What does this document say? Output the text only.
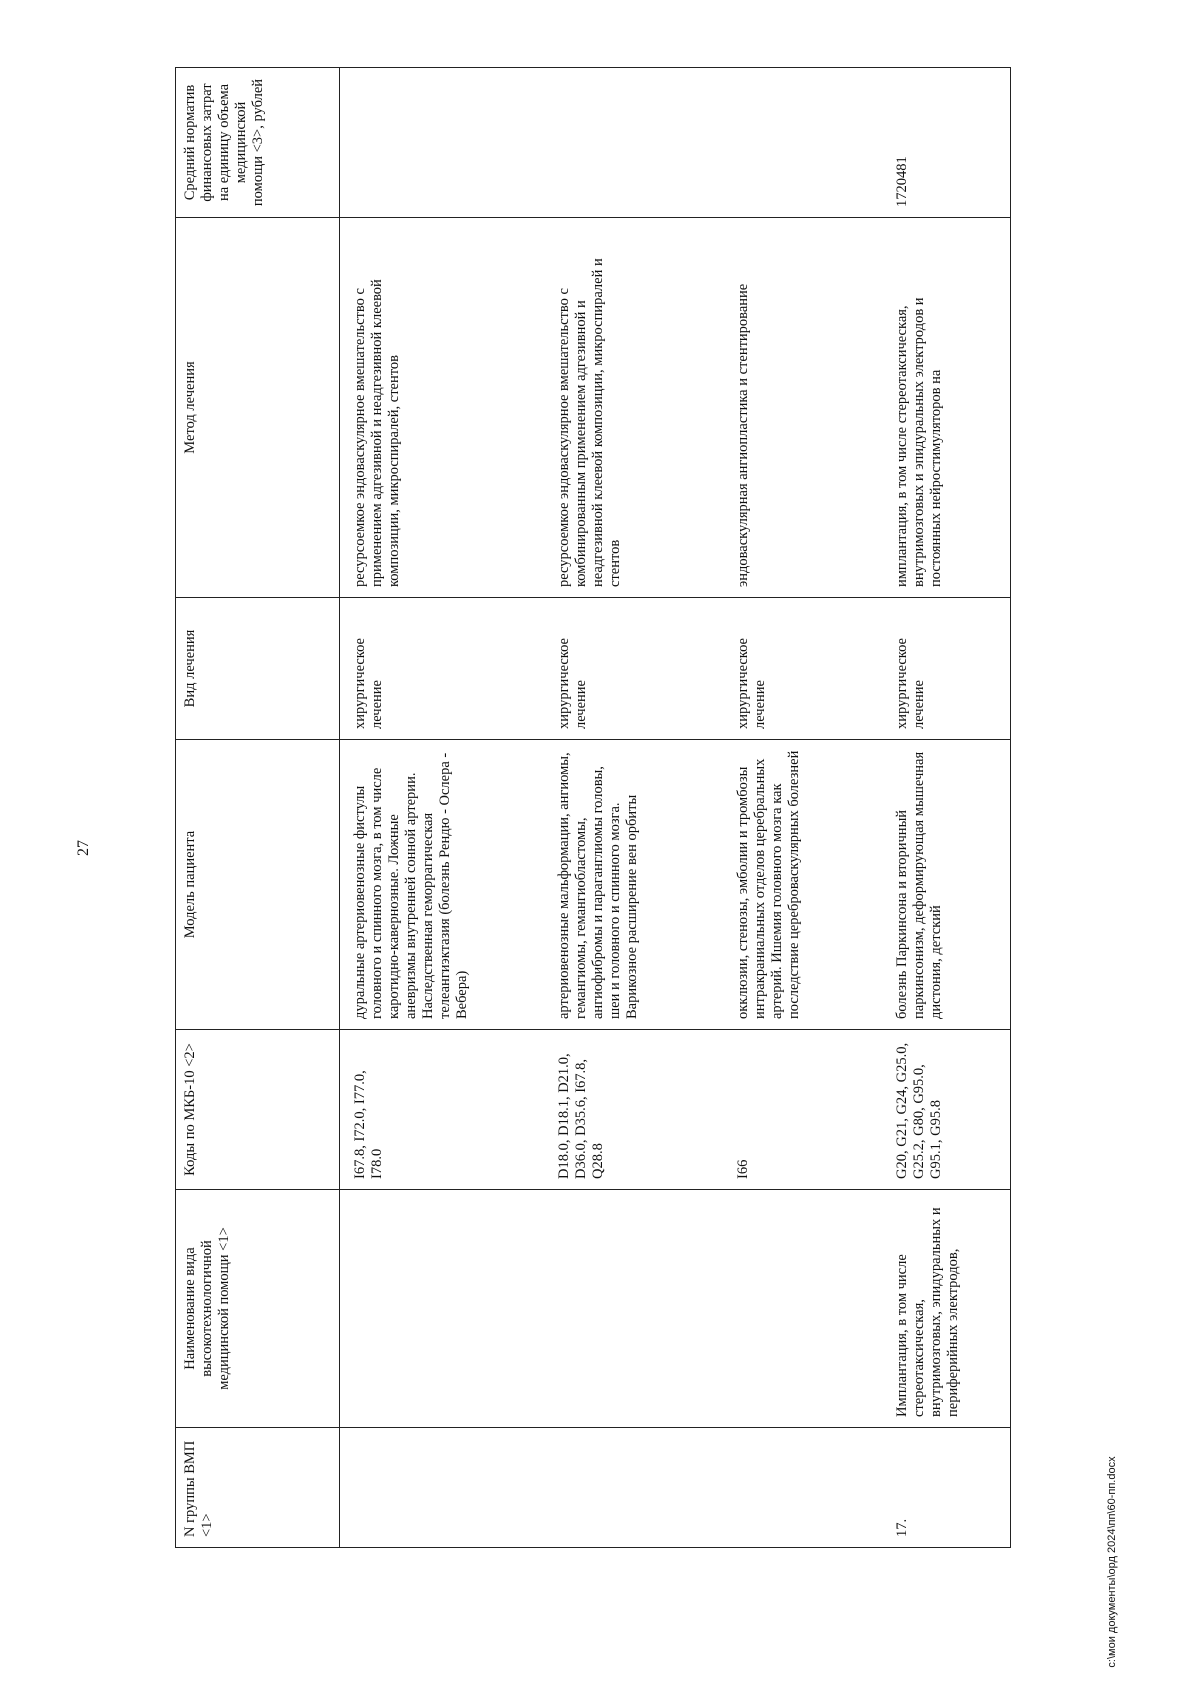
27
N группы ВМП <1>	Наименование вида высокотехнологичной медицинской помощи <1>	Коды по МКБ-10 <2>	Модель пациента	Вид лечения	Метод лечения	Средний норматив финансовых затрат на единицу объема медицинской помощи <3>, рублей
		I67.8, I72.0, I77.0, I78.0	дуральные артериовенозные фистулы головного и спинного мозга, в том числе каротидно-кавернозные. Ложные аневризмы внутренней сонной артерии. Наследственная геморрагическая телеангиэктазия (болезнь Рендю - Ослера - Вебера)	хирургическое лечение	ресурсоемкое эндоваскулярное вмешательство с применением адгезивной и неадгезивной клеевой композиции, микроспиралей, стентов	
		D18.0, D18.1, D21.0, D36.0, D35.6, I67.8, Q28.8	артериовенозные мальформации, ангиомы, гемангиомы, гемангиобластомы, ангиофибромы и параганглиомы головы, шеи и головного и спинного мозга. Варикозное расширение вен орбиты	хирургическое лечение	ресурсоемкое эндоваскулярное вмешательство с комбинированным применением адгезивной и неадгезивной клеевой композиции, микроспиралей и стентов	
		I66	окклюзии, стенозы, эмболии и тромбозы интракраниальных отделов церебральных артерий. Ишемия головного мозга как последствие цереброваскулярных болезней	хирургическое лечение	эндоваскулярная ангиопластика и стентирование	
17.	Имплантация, в том числе стереотаксическая, внутримозговых, эпидуральных и периферийных электродов,	G20, G21, G24, G25.0, G25.2, G80, G95.0, G95.1, G95.8	болезнь Паркинсона и вторичный паркинсонизм, деформирующая мышечная дистония, детский	хирургическое лечение	имплантация, в том числе стереотаксическая, внутримозговых и эпидуральных электродов и постоянных нейростимуляторов на	1720481
c:\мои документы\орд 2024\пп\60-пп.docx
